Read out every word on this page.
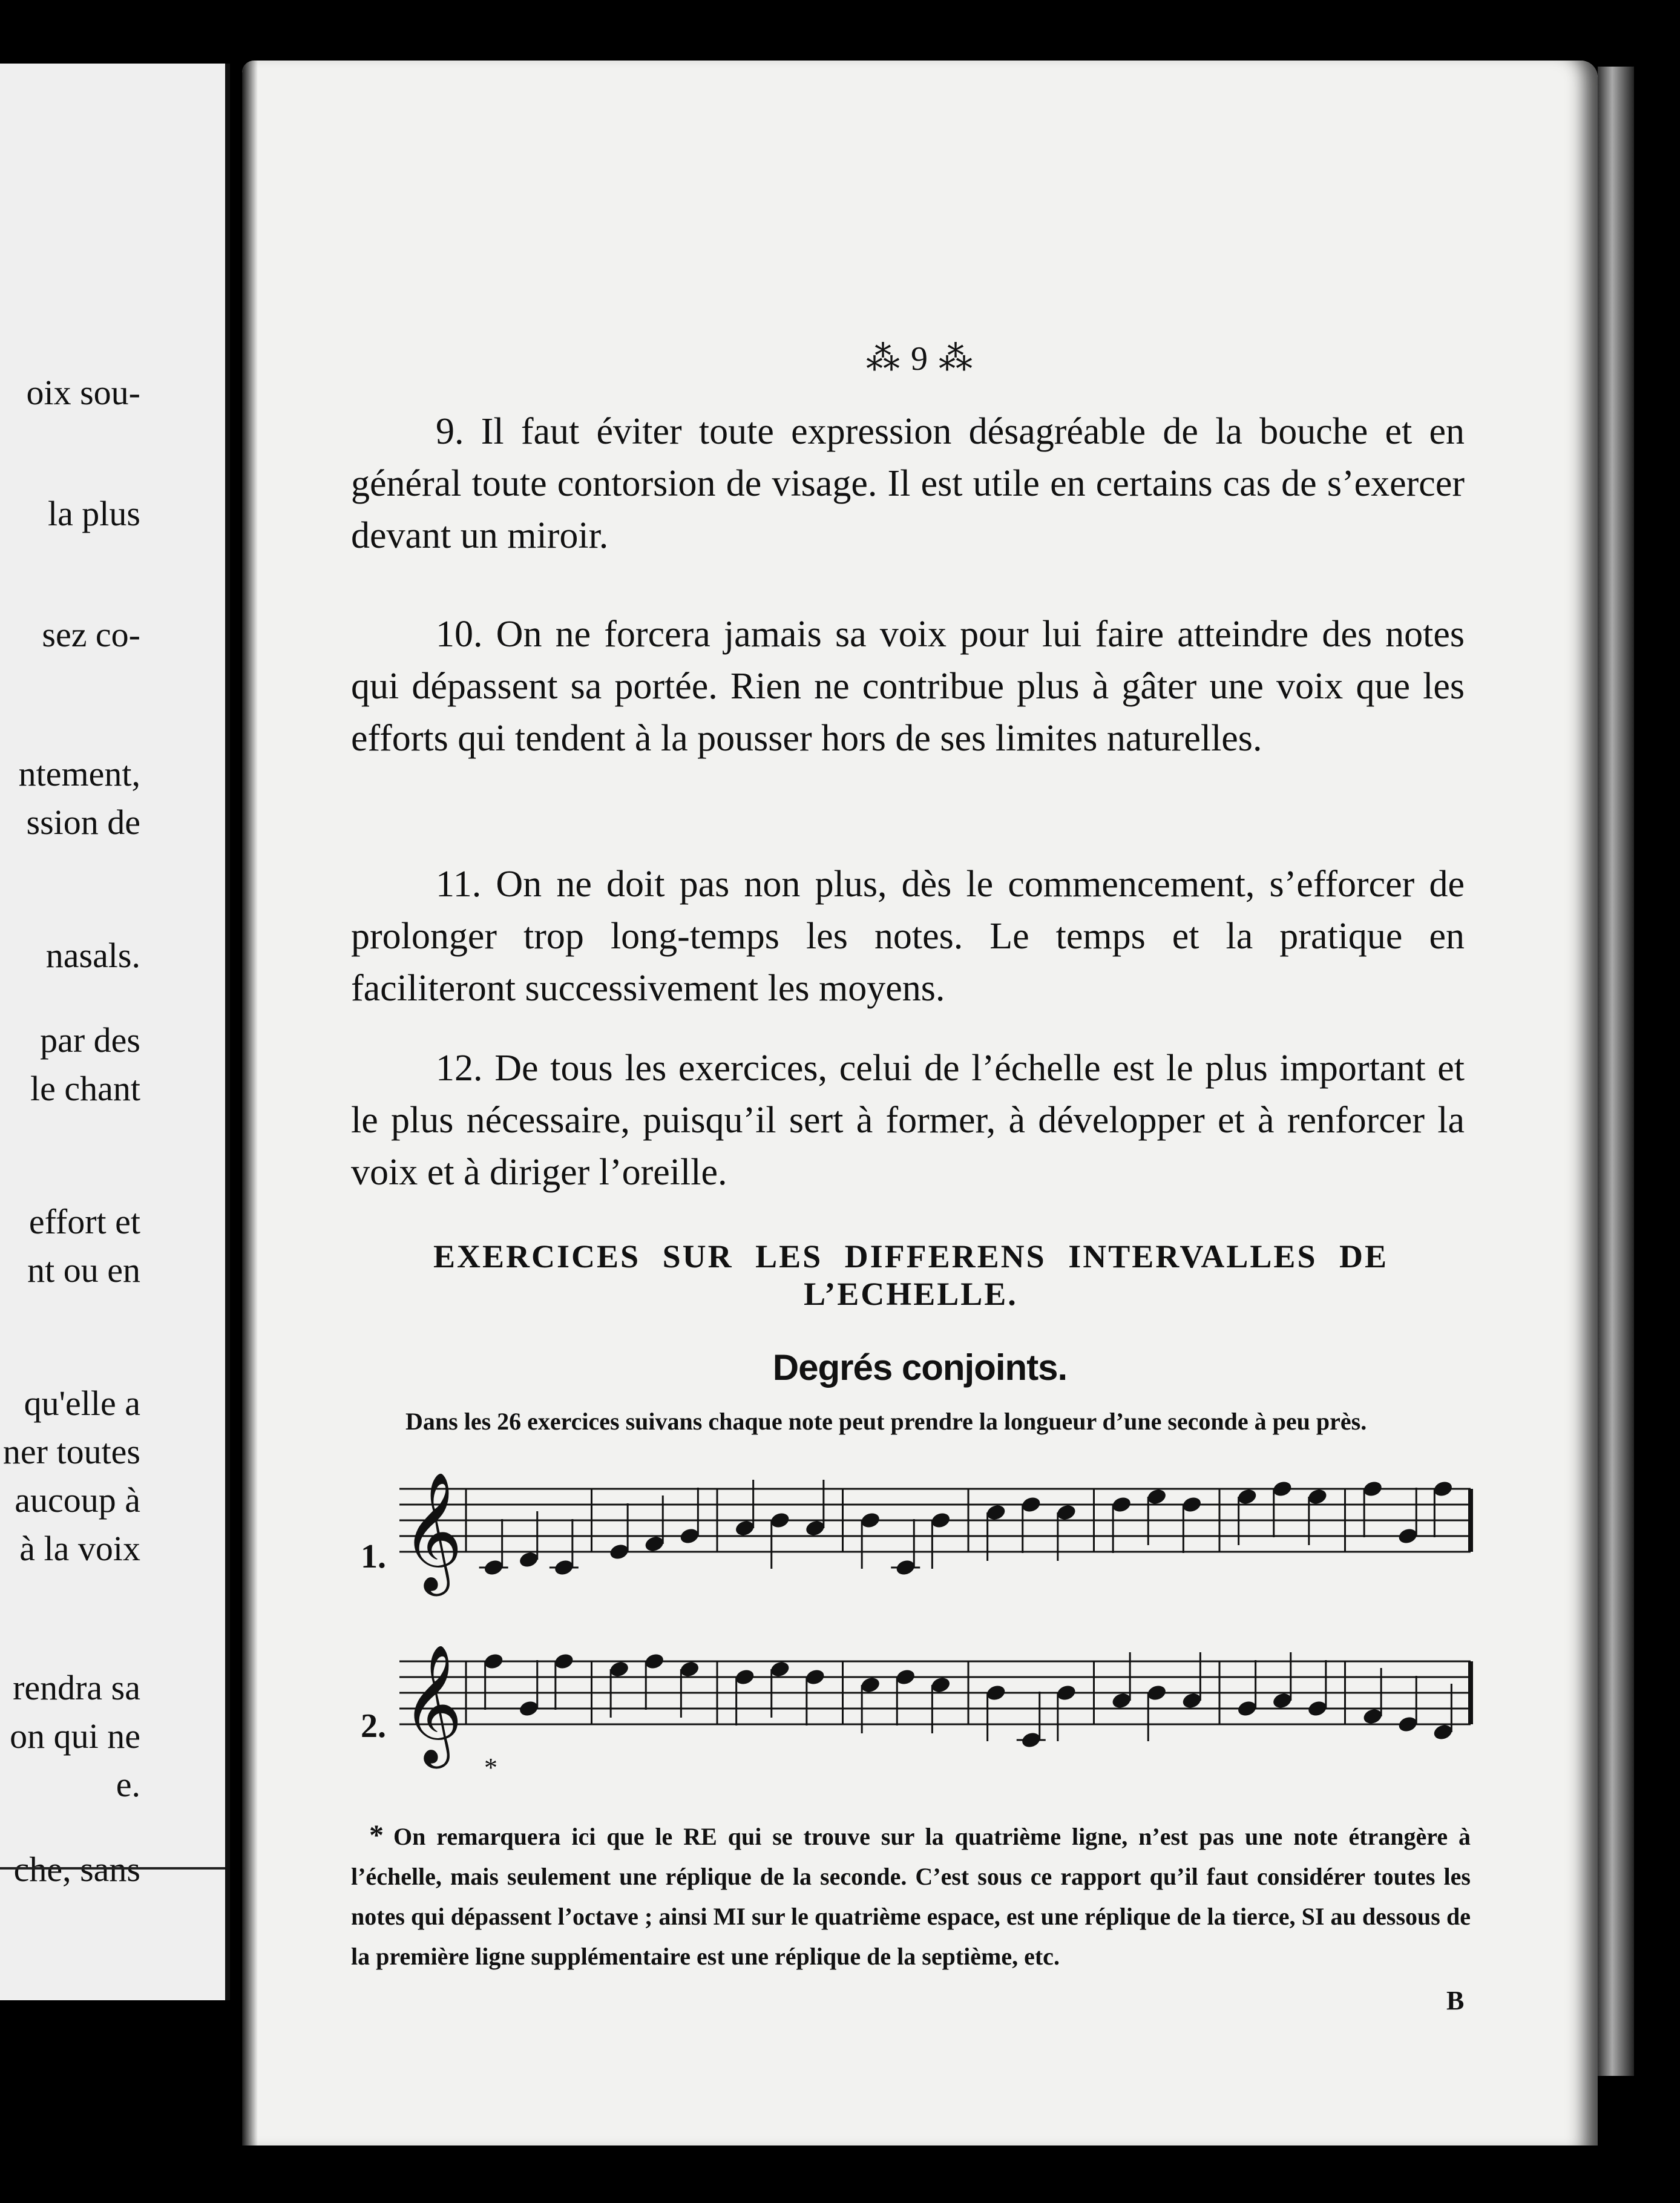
oix sou-
la plus
sez co-
ntement,
ssion de
nasals.
par des
le chant
effort et
nt ou en
qu'elle a
ner toutes
aucoup à
à la voix
rendra sa
on qui ne
e.
che, sans
⁂ 9 ⁂
9. Il faut éviter toute expression désagréable de la bouche et en général toute contorsion de visage. Il est utile en certains cas de s’exercer devant un miroir.
10. On ne forcera jamais sa voix pour lui faire atteindre des notes qui dépassent sa portée. Rien ne contribue plus à gâter une voix que les efforts qui tendent à la pousser hors de ses limites naturelles.
11. On ne doit pas non plus, dès le commencement, s’efforcer de prolonger trop long-temps les notes. Le temps et la pratique en faciliteront successivement les moyens.
12. De tous les exercices, celui de l’échelle est le plus important et le plus nécessaire, puisqu’il sert à former, à développer et à renforcer la voix et à diriger l’oreille.
EXERCICES SUR LES DIFFERENS INTERVALLES DE L’ECHELLE.
Degrés conjoints.
Dans les 26 exercices suivans chaque note peut prendre la longueur d’une seconde à peu près.
1.
2.
𝄞
𝄞
*
* On remarquera ici que le RE qui se trouve sur la quatrième ligne, n’est pas une note étrangère à l’échelle, mais seulement une réplique de la seconde. C’est sous ce rapport qu’il faut considérer toutes les notes qui dépassent l’octave ; ainsi MI sur le quatrième espace, est une réplique de la tierce, SI au dessous de la première ligne supplémentaire est une réplique de la septième, etc.
B
